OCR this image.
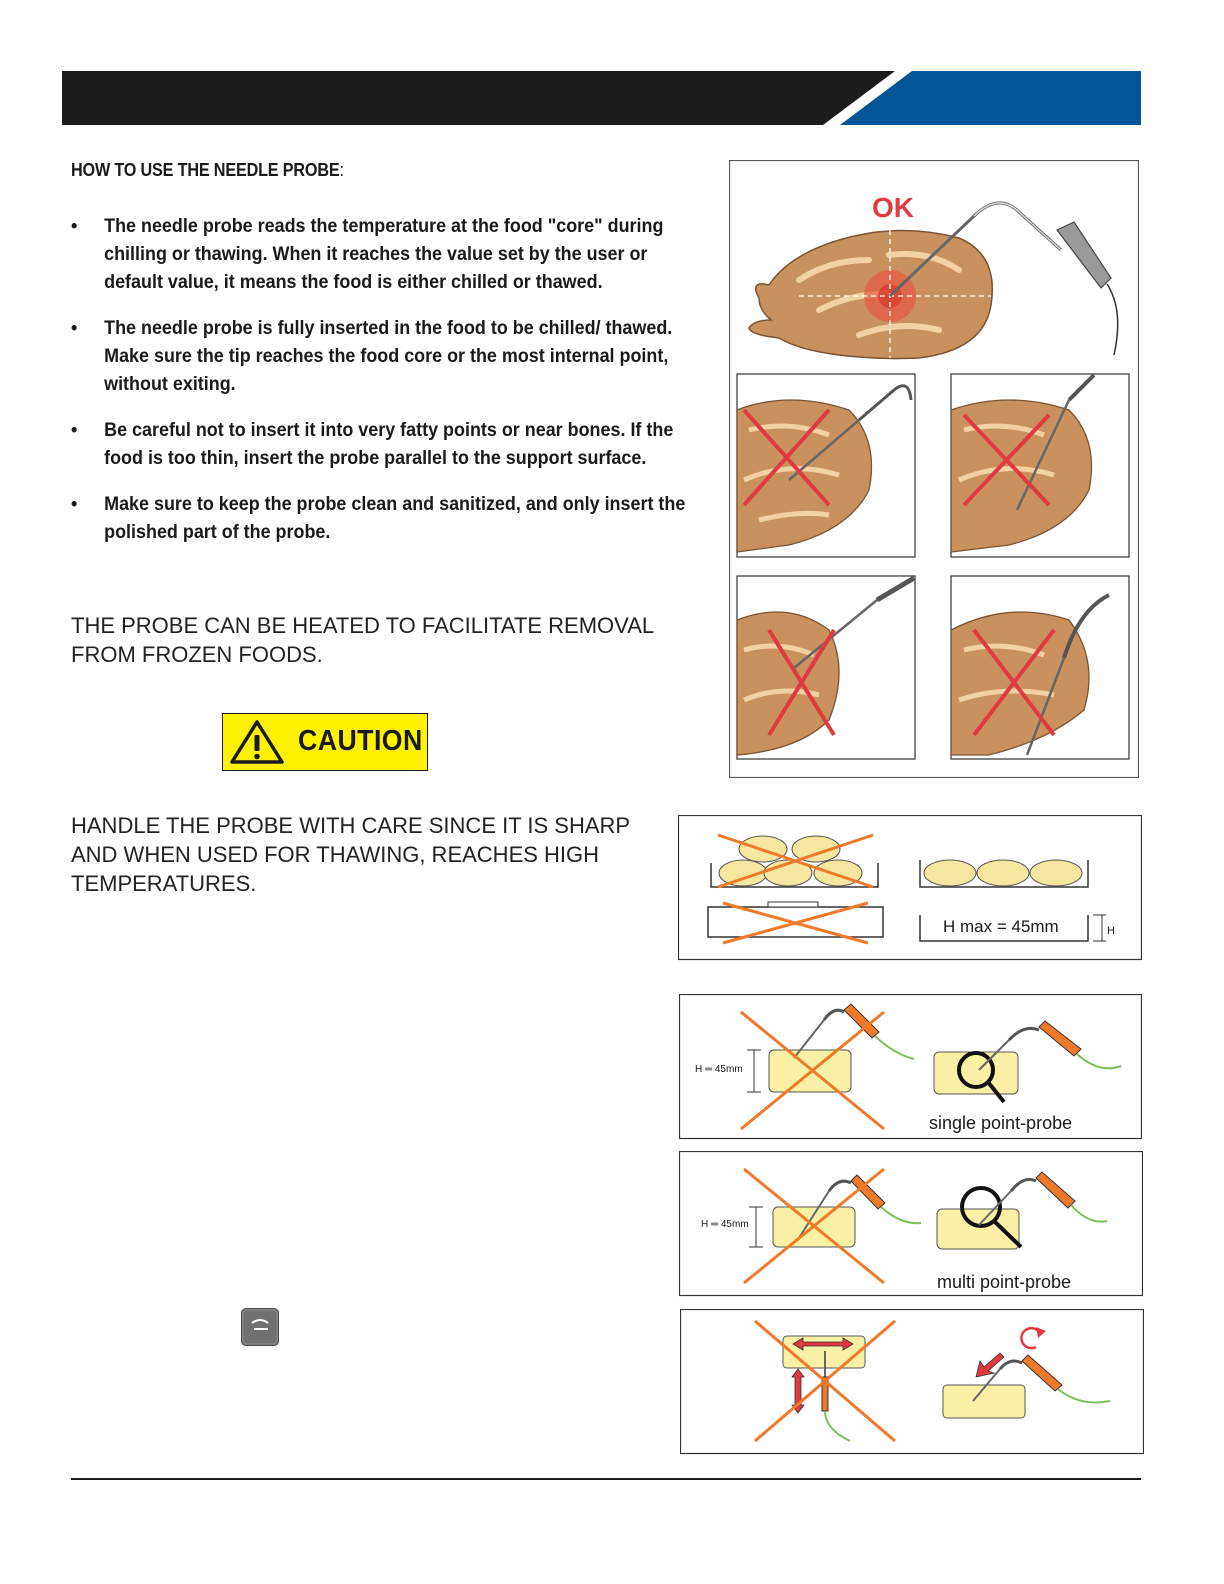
HOW TO USE THE NEEDLE PROBE:
• The needle probe reads the temperature at the food "core" during chilling or thawing. When it reaches the value set by the user or default value, it means the food is either chilled or thawed.
• The needle probe is fully inserted in the food to be chilled/ thawed. Make sure the tip reaches the food core or the most internal point, without exiting.
• Be careful not to insert it into very fatty points or near bones. If the food is too thin, insert the probe parallel to the support surface.
• Make sure to keep the probe clean and sanitized, and only insert the polished part of the probe.
THE PROBE CAN BE HEATED TO FACILITATE REMOVAL FROM FROZEN FOODS.
CAUTION
HANDLE THE PROBE WITH CARE SINCE IT IS SHARP AND WHEN USED FOR THAWING, REACHES HIGH TEMPERATURES.
OK
H max = 45mm	H
H ═ 45mm
single point-probe
H ═ 45mm
multi point-probe
